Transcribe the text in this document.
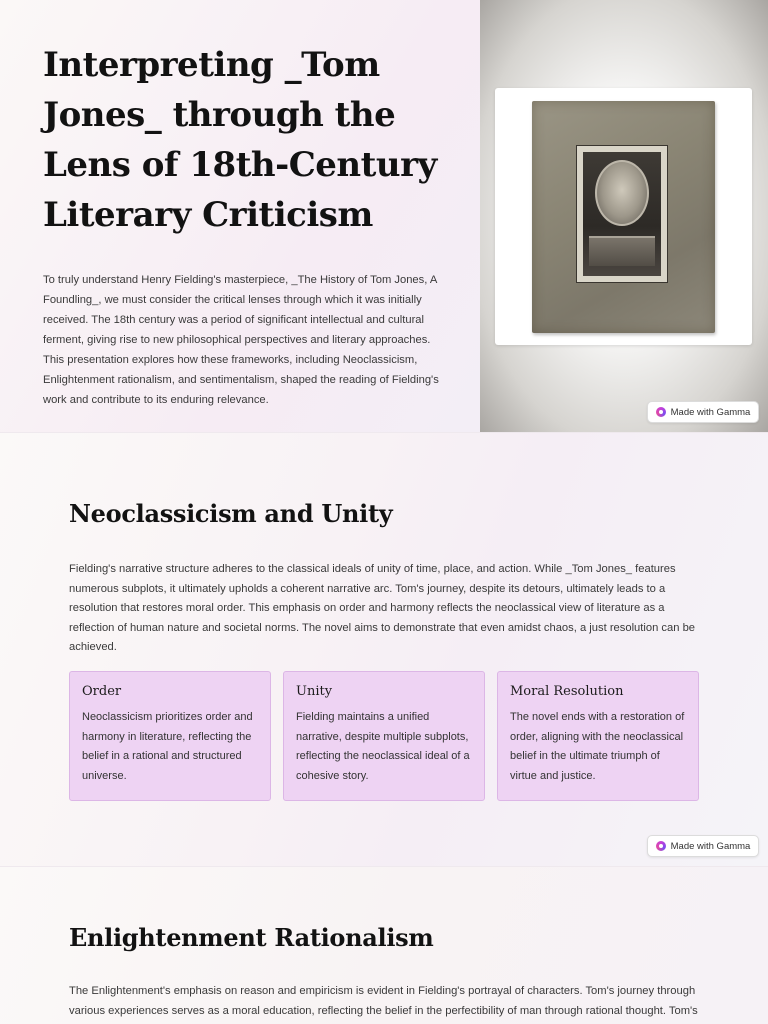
Interpreting _Tom Jones_ through the Lens of 18th-Century Literary Criticism

To truly understand Henry Fielding's masterpiece, _The History of Tom Jones, A Foundling_, we must consider the critical lenses through which it was initially received. The 18th century was a period of significant intellectual and cultural ferment, giving rise to new philosophical perspectives and literary approaches. This presentation explores how these frameworks, including Neoclassicism, Enlightenment rationalism, and sentimentalism, shaped the reading of Fielding's work and contribute to its enduring relevance.

Made with Gamma
Neoclassicism and Unity

Fielding's narrative structure adheres to the classical ideals of unity of time, place, and action. While _Tom Jones_ features numerous subplots, it ultimately upholds a coherent narrative arc. Tom's journey, despite its detours, ultimately leads to a resolution that restores moral order. This emphasis on order and harmony reflects the neoclassical view of literature as a reflection of human nature and societal norms. The novel aims to demonstrate that even amidst chaos, a just resolution can be achieved.

Order
Neoclassicism prioritizes order and harmony in literature, reflecting the belief in a rational and structured universe.
Unity
Fielding maintains a unified narrative, despite multiple subplots, reflecting the neoclassical ideal of a cohesive story.
Moral Resolution
The novel ends with a restoration of order, aligning with the neoclassical belief in the ultimate triumph of virtue and justice.
Made with Gamma
Enlightenment Rationalism

The Enlightenment's emphasis on reason and empiricism is evident in Fielding's portrayal of characters. Tom's journey through various experiences serves as a moral education, reflecting the belief in the perfectibility of man through rational thought. Tom's
